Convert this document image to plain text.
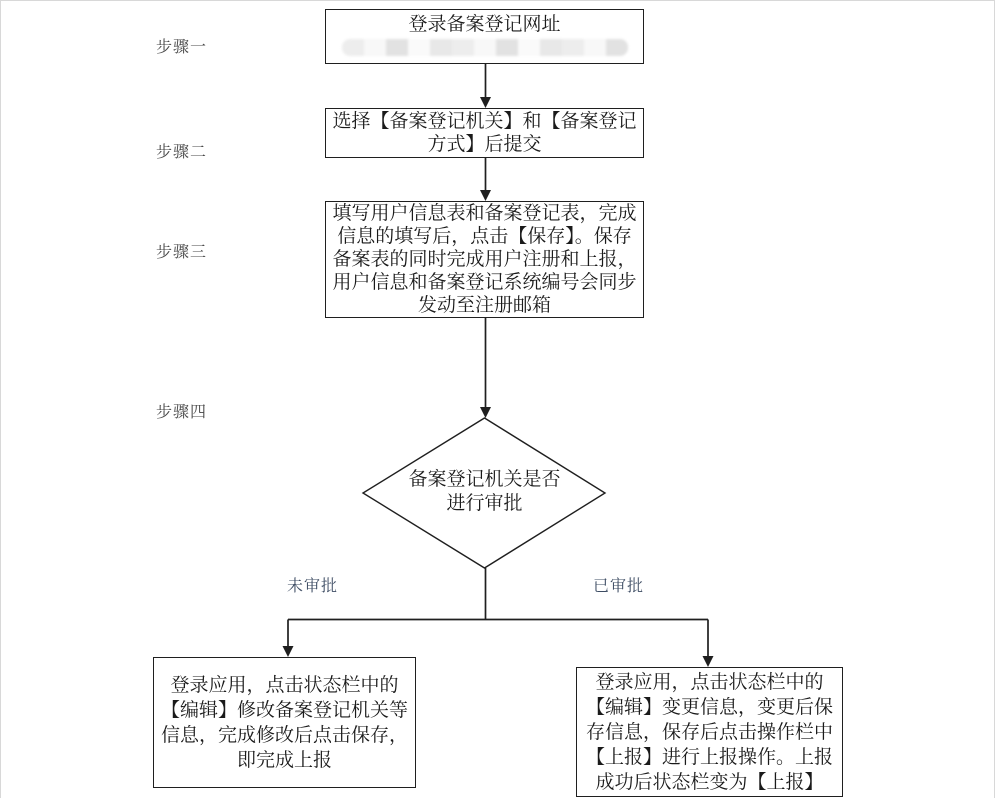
步骤一
步骤二
步骤三
步骤四
登录备案登记网址
选择【备案登记机关】和【备案登记方式】后提交
填写用户信息表和备案登记表，完成信息的填写后，点击【保存】。保存备案表的同时完成用户注册和上报，用户信息和备案登记系统编号会同步发动至注册邮箱
备案登记机关是否进行审批
未审批	已审批
登录应用，点击状态栏中的【编辑】修改备案登记机关等信息，完成修改后点击保存，即完成上报
登录应用，点击状态栏中的【编辑】变更信息，变更后保存信息，保存后点击操作栏中【上报】进行上报操作。上报成功后状态栏变为【上报】
